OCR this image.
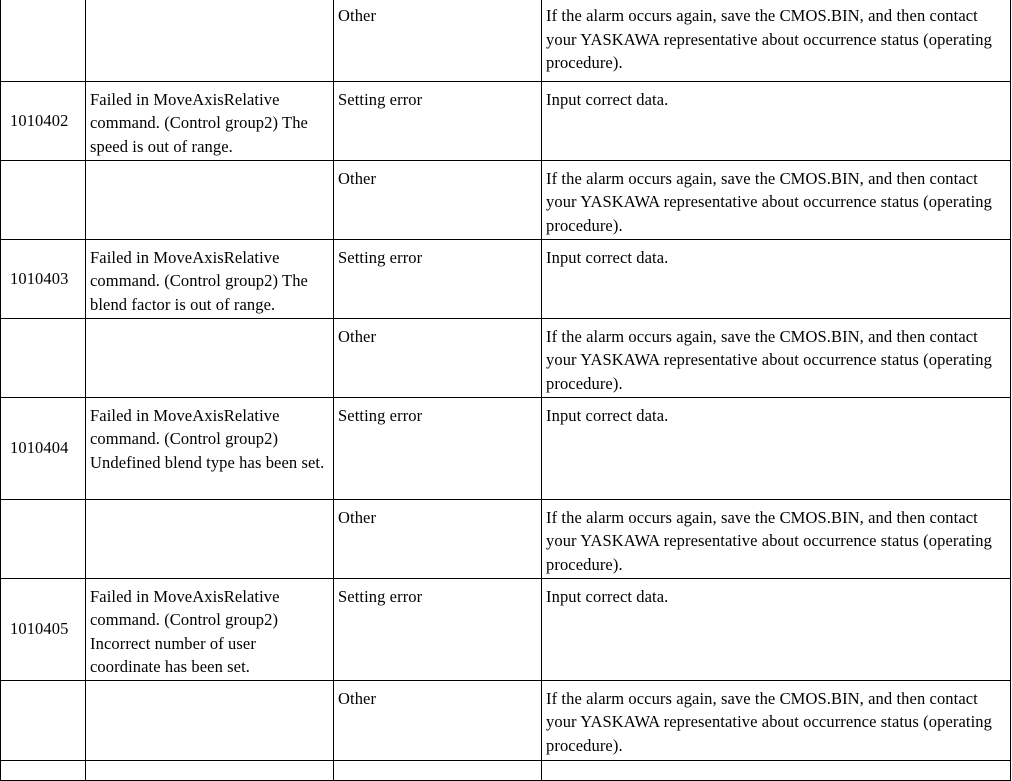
		Other	If the alarm occurs again, save the CMOS.BIN, and then contact your YASKAWA representative about occurrence status (operating procedure).
1010402	Failed in MoveAxisRelative command. (Control group2) The speed is out of range.	Setting error	Input correct data.
		Other	If the alarm occurs again, save the CMOS.BIN, and then contact your YASKAWA representative about occurrence status (operating procedure).
1010403	Failed in MoveAxisRelative command. (Control group2) The blend factor is out of range.	Setting error	Input correct data.
		Other	If the alarm occurs again, save the CMOS.BIN, and then contact your YASKAWA representative about occurrence status (operating procedure).
1010404	Failed in MoveAxisRelative command. (Control group2) Undefined blend type has been set.	Setting error	Input correct data.
		Other	If the alarm occurs again, save the CMOS.BIN, and then contact your YASKAWA representative about occurrence status (operating procedure).
1010405	Failed in MoveAxisRelative command. (Control group2) Incorrect number of user coordinate has been set.	Setting error	Input correct data.
		Other	If the alarm occurs again, save the CMOS.BIN, and then contact your YASKAWA representative about occurrence status (operating procedure).
